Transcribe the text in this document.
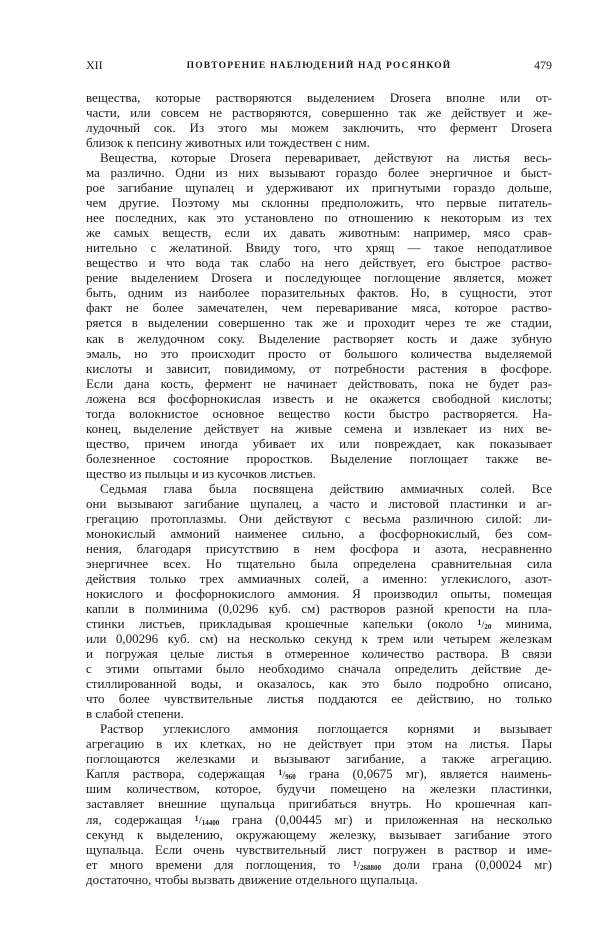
XII	ПОВТОРЕНИЕ НАБЛЮДЕНИЙ НАД РОСЯНКОЙ	479
вещества, которые растворяются выделением Drosera вполне или от-
части, или совсем не растворяются, совершенно так же действует и же-
лудочный сок. Из этого мы можем заключить, что фермент Drosera
близок к пепсину животных или тождествен с ним.
Вещества, которые Drosera переваривает, действуют на листья весь-
ма различно. Одни из них вызывают гораздо более энергичное и быст-
рое загибание щупалец и удерживают их пригнутыми гораздо дольше,
чем другие. Поэтому мы склонны предположить, что первые питатель-
нее последних, как это установлено по отношению к некоторым из тех
же самых веществ, если их давать животным: например, мясо срав-
нительно с желатиной. Ввиду того, что хрящ — такое неподатливое
вещество и что вода так слабо на него действует, его быстрое раство-
рение выделением Drosera и последующее поглощение является, может
быть, одним из наиболее поразительных фактов. Но, в сущности, этот
факт не более замечателен, чем переваривание мяса, которое раство-
ряется в выделении совершенно так же и проходит через те же стадии,
как в желудочном соку. Выделение растворяет кость и даже зубную
эмаль, но это происходит просто от большого количества выделяемой
кислоты и зависит, повидимому, от потребности растения в фосфоре.
Если дана кость, фермент не начинает действовать, пока не будет раз-
ложена вся фосфорнокислая известь и не окажется свободной кислоты;
тогда волокнистое основное вещество кости быстро растворяется. На-
конец, выделение действует на живые семена и извлекает из них ве-
щество, причем иногда убивает их или повреждает, как показывает
болезненное состояние проростков. Выделение поглощает также ве-
щество из пыльцы и из кусочков листьев.
Седьмая глава была посвящена действию аммиачных солей. Все
они вызывают загибание щупалец, а часто и листовой пластинки и аг-
грегацию протоплазмы. Они действуют с весьма различною силой: ли-
монокислый аммоний наименее сильно, а фосфорнокислый, без сом-
нения, благодаря присутствию в нем фосфора и азота, несравненно
энергичнее всех. Но тщательно была определена сравнительная сила
действия только трех аммиачных солей, а именно: углекислого, азот-
нокислого и фосфорнокислого аммония. Я производил опыты, помещая
капли в полминима (0,0296 куб. см) растворов разной крепости на пла-
стинки листьев, прикладывая крошечные капельки (около $^1/_{20}$ минима,
или 0,00296 куб. см) на несколько секунд к трем или четырем железкам
и погружая целые листья в отмеренное количество раствора. В связи
с этими опытами было необходимо сначала определить действие де-
стиллированной воды, и оказалось, как это было подробно описано,
что более чувствительные листья поддаются ее действию, но только
в слабой степени.
Раствор углекислого аммония поглощается корнями и вызывает
агрегацию в их клетках, но не действует при этом на листья. Пары
поглощаются железками и вызывают загибание, а также агрегацию.
Капля раствора, содержащая $^1/_{960}$ грана (0,0675 мг), является наимень-
шим количеством, которое, будучи помещено на железки пластинки,
заставляет внешние щупальца пригибаться внутрь. Но крошечная кап-
ля, содержащая $^1/_{14400}$ грана (0,00445 мг) и приложенная на несколько
секунд к выделению, окружающему железку, вызывает загибание этого
щупальца. Если очень чувствительный лист погружен в раствор и име-
ет много времени для поглощения, то $^1/_{268800}$ доли грана (0,00024 мг)
достаточно, чтобы вызвать движение отдельного щупальца.
